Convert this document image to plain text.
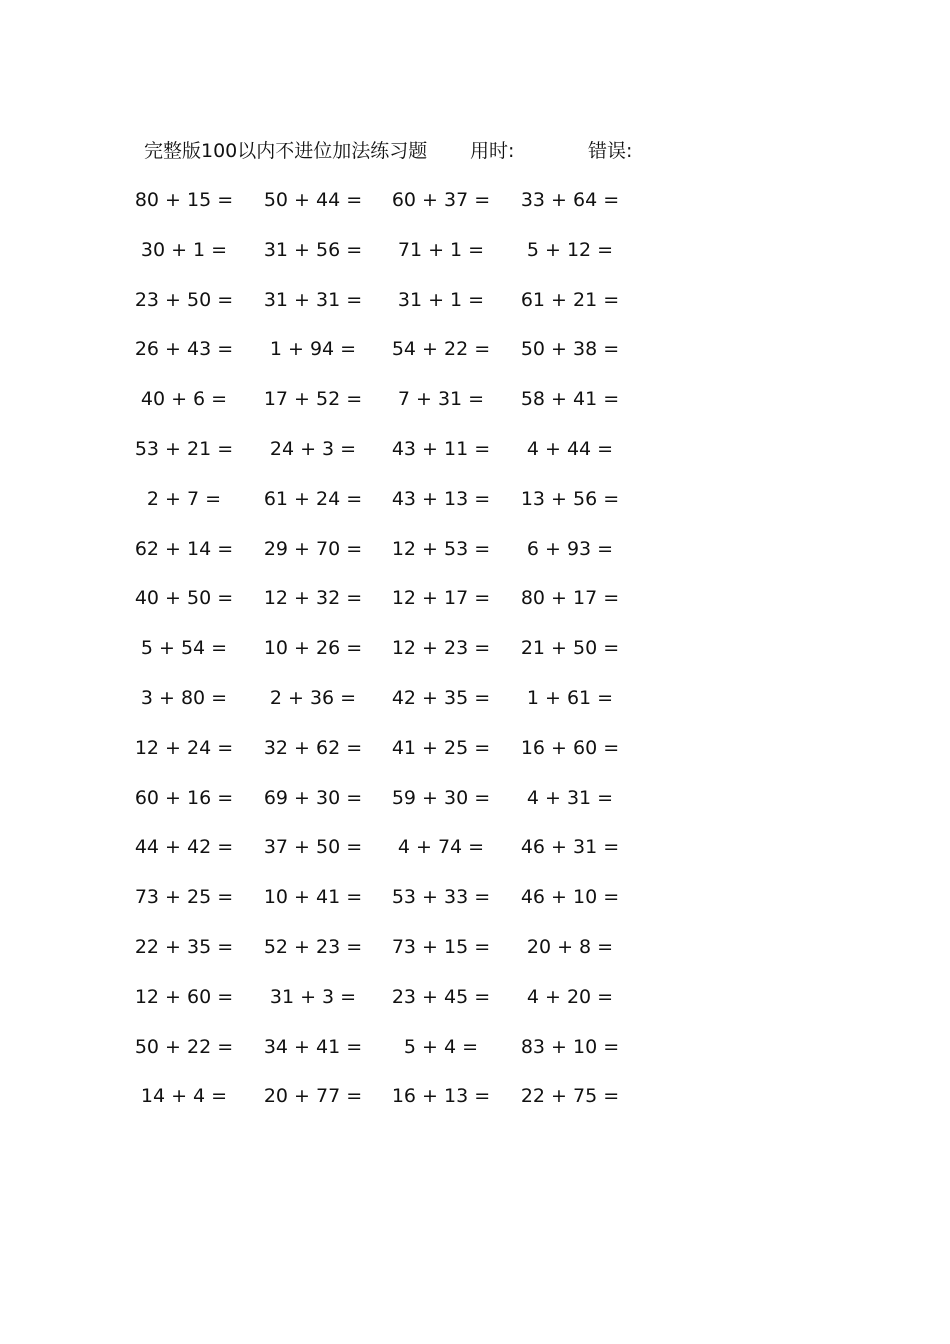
完整版100以内不进位加法练习题 用时:	错误:
80 + 15 =	50 + 44 =	60 + 37 =	33 + 64 =
30 + 1 =	31 + 56 =	71 + 1 =	5 + 12 =
23 + 50 =	31 + 31 =	31 + 1 =	61 + 21 =
26 + 43 =	1 + 94 =	54 + 22 =	50 + 38 =
40 + 6 =	17 + 52 =	7 + 31 =	58 + 41 =
53 + 21 =	24 + 3 =	43 + 11 =	4 + 44 =
2 + 7 =	61 + 24 =	43 + 13 =	13 + 56 =
62 + 14 =	29 + 70 =	12 + 53 =	6 + 93 =
40 + 50 =	12 + 32 =	12 + 17 =	80 + 17 =
5 + 54 =	10 + 26 =	12 + 23 =	21 + 50 =
3 + 80 =	2 + 36 =	42 + 35 =	1 + 61 =
12 + 24 =	32 + 62 =	41 + 25 =	16 + 60 =
60 + 16 =	69 + 30 =	59 + 30 =	4 + 31 =
44 + 42 =	37 + 50 =	4 + 74 =	46 + 31 =
73 + 25 =	10 + 41 =	53 + 33 =	46 + 10 =
22 + 35 =	52 + 23 =	73 + 15 =	20 + 8 =
12 + 60 =	31 + 3 =	23 + 45 =	4 + 20 =
50 + 22 =	34 + 41 =	5 + 4 =	83 + 10 =
14 + 4 =	20 + 77 =	16 + 13 =	22 + 75 =
